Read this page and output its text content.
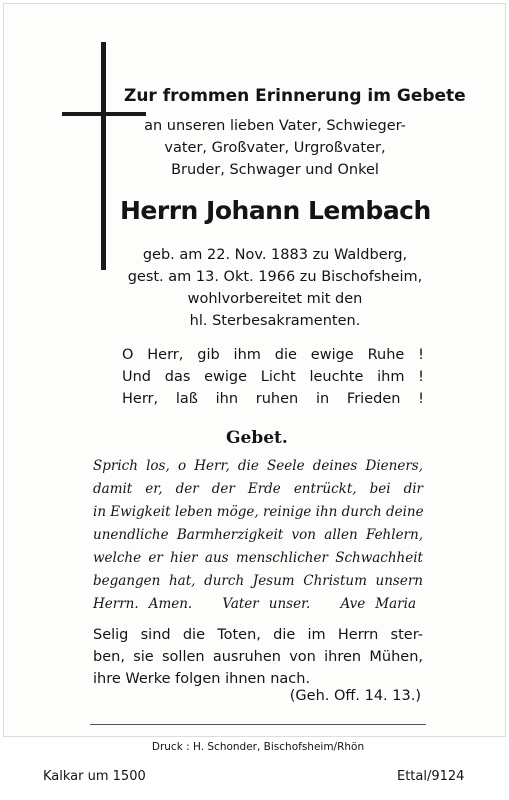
Zur frommen Erinnerung im Gebete
an unseren lieben Vater, Schwieger-
vater, Großvater, Urgroßvater,
Bruder, Schwager und Onkel
Herrn Johann Lembach
geb. am 22. Nov. 1883 zu Waldberg,
gest. am 13. Okt. 1966 zu Bischofsheim,
wohlvorbereitet mit den
hl. Sterbesakramenten.
O Herr, gib ihm die ewige Ruhe !
Und das ewige Licht leuchte ihm !
Herr, laß ihn ruhen in Frieden !
Gebet.
Sprich los, o Herr, die Seele deines Dieners,
damit er, der der Erde entrückt, bei dir
in Ewigkeit leben möge, reinige ihn durch deine
unendliche Barmherzigkeit von allen Fehlern,
welche er hier aus menschlicher Schwachheit
begangen hat, durch Jesum Christum unsern
Herrn. Amen.   Vater unser.   Ave Maria
Selig sind die Toten, die im Herrn ster-
ben, sie sollen ausruhen von ihren Mühen,
ihre Werke folgen ihnen nach.
(Geh. Off. 14. 13.)
Druck : H. Schonder, Bischofsheim/Rhön
Kalkar um 1500	Ettal/9124
